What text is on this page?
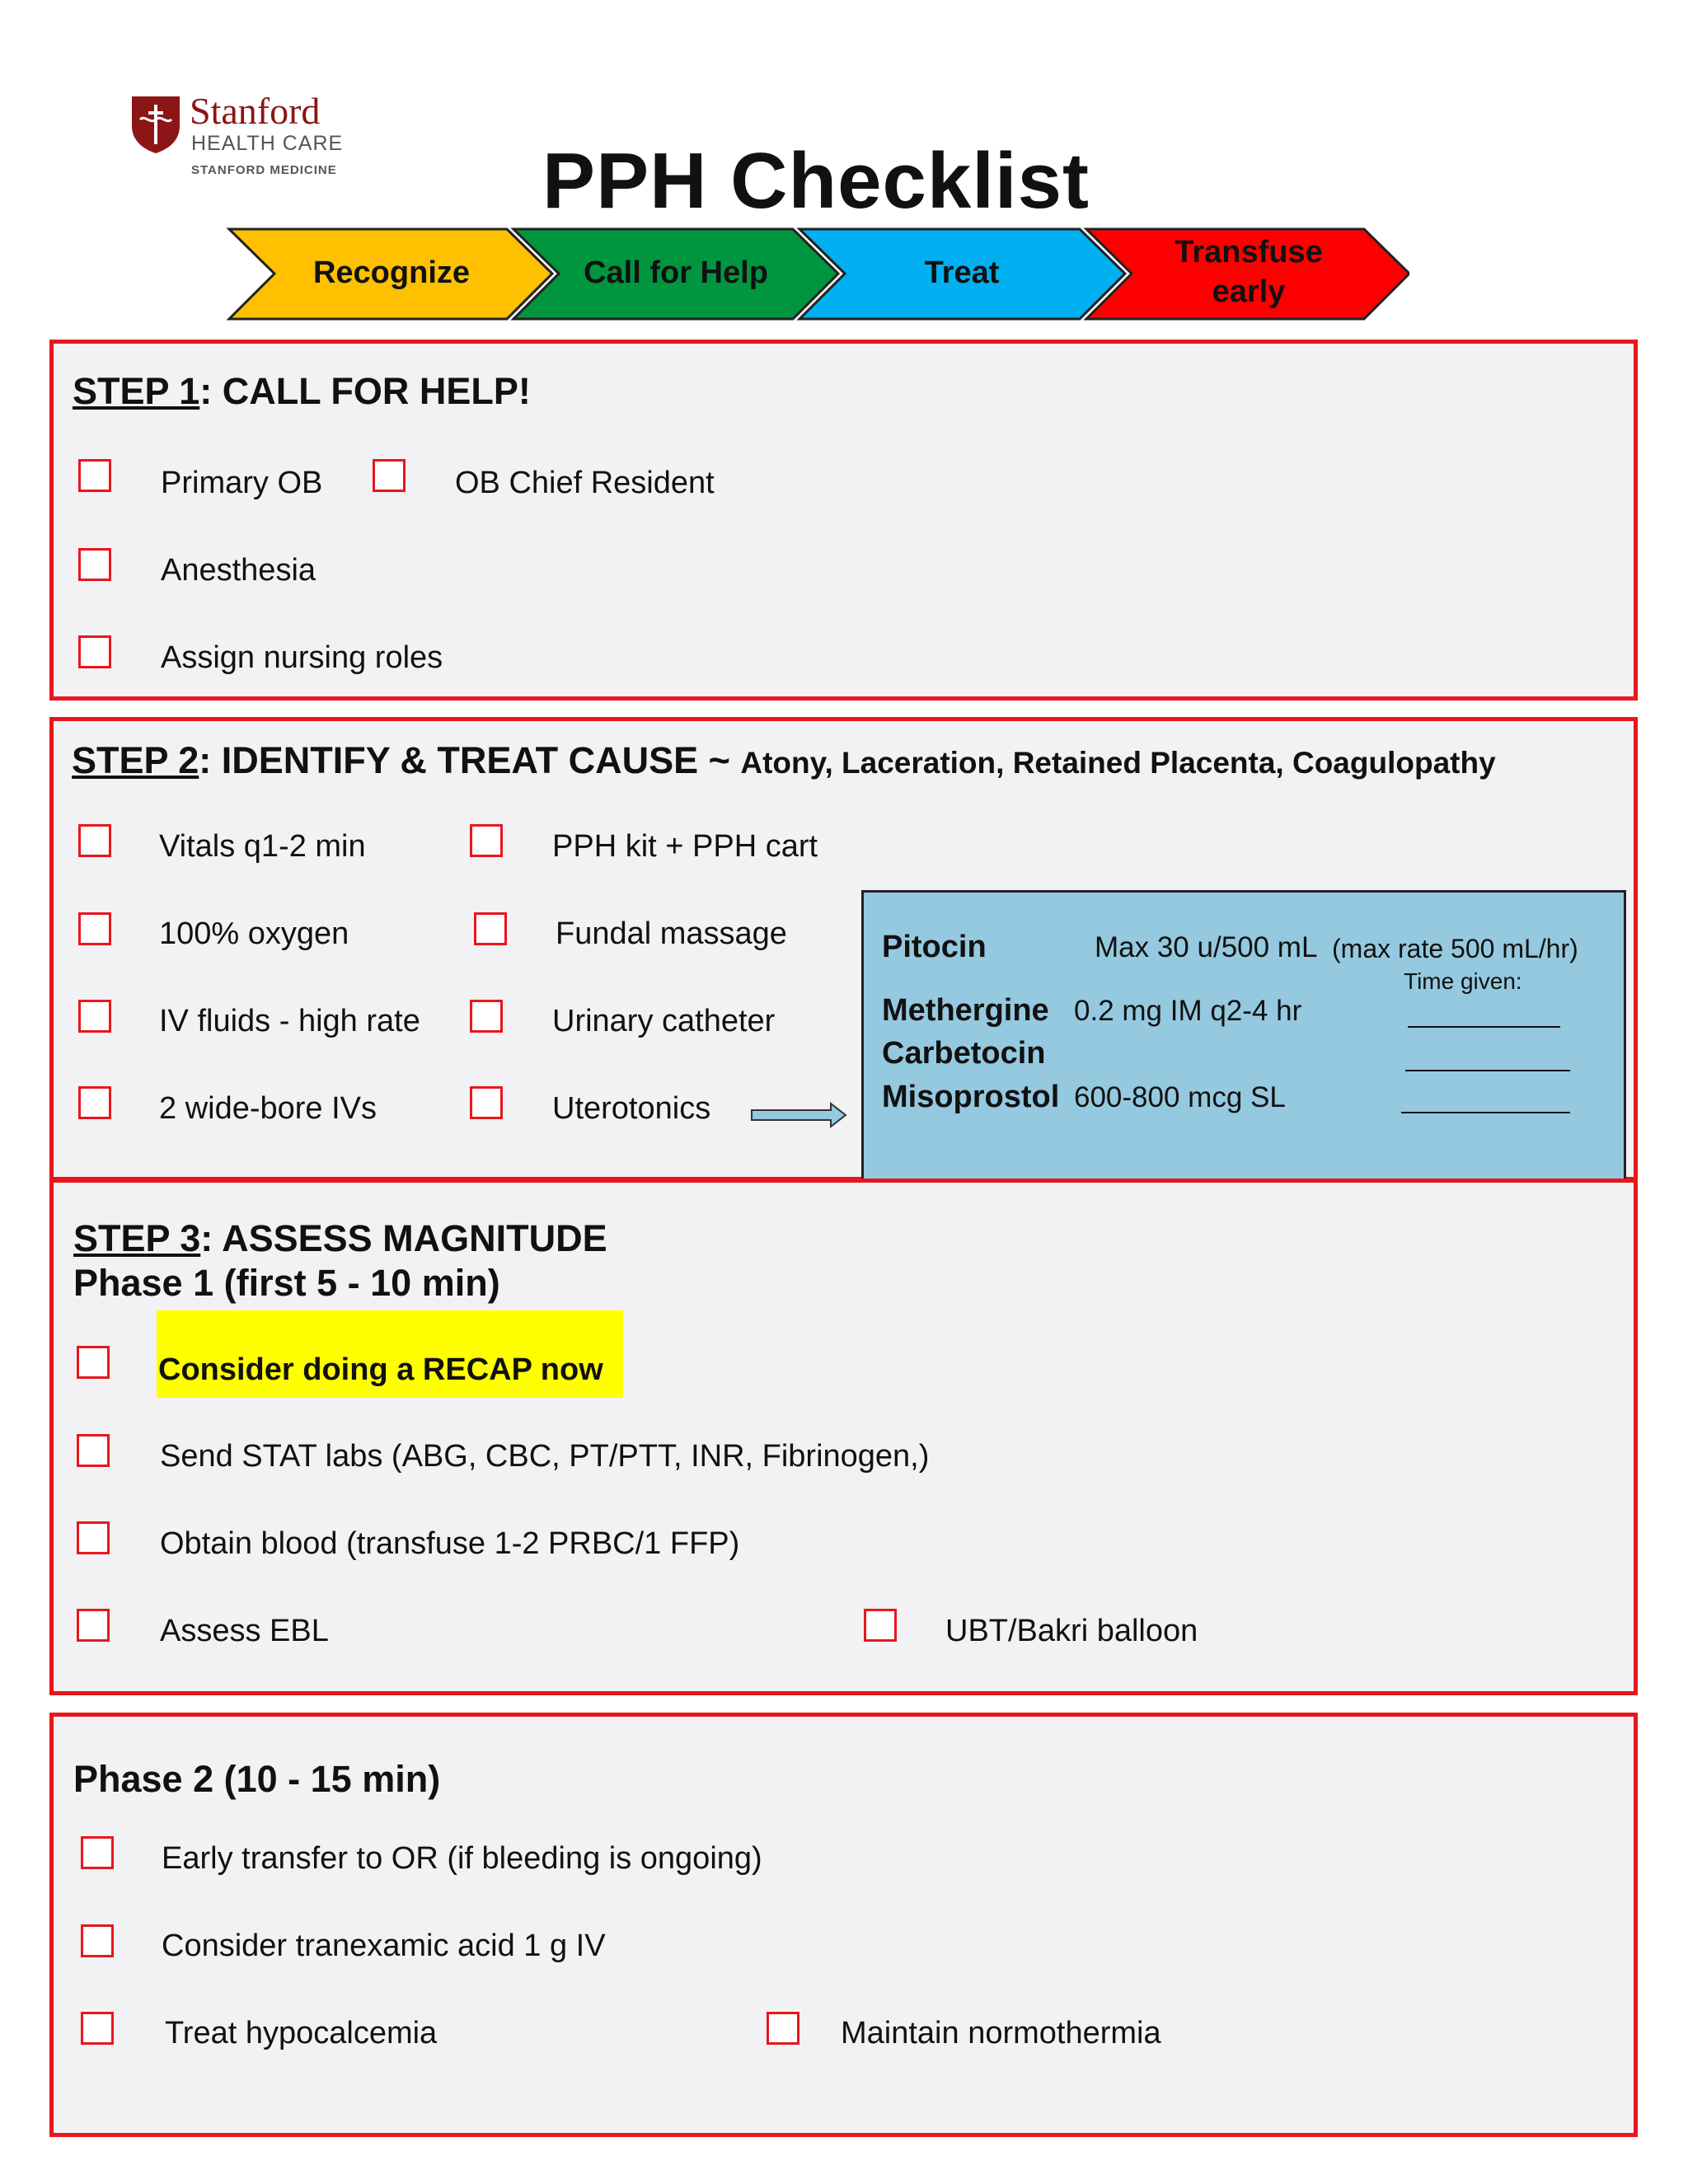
Stanford
HEALTH CARE
STANFORD MEDICINE	PPH Checklist
Recognize	Call for Help	Treat
Transfuse
early
STEP 1: CALL FOR HELP!
Primary OB	OB Chief Resident
Anesthesia
Assign nursing roles
STEP 2: IDENTIFY & TREAT CAUSE ~ Atony, Laceration, Retained Placenta, Coagulopathy
Vitals q1-2 min
100% oxygen
IV fluids - high rate
2 wide-bore IVs
PPH kit + PPH cart
Fundal massage
Urinary catheter
Uterotonics
Pitocin	Max 30 u/500 mL (max rate 500 mL/hr)
Time given:
Methergine 0.2 mg IM q2-4 hr
Carbetocin
Misoprostol 600-800 mcg SL
STEP 3: ASSESS MAGNITUDE
Phase 1 (first 5 - 10 min)
Consider doing a RECAP now
Send STAT labs (ABG, CBC, PT/PTT, INR, Fibrinogen,)
Obtain blood (transfuse 1-2 PRBC/1 FFP)
Assess EBL	UBT/Bakri balloon
Phase 2 (10 - 15 min)
Early transfer to OR (if bleeding is ongoing)
Consider tranexamic acid 1 g IV
Treat hypocalcemia	Maintain normothermia
